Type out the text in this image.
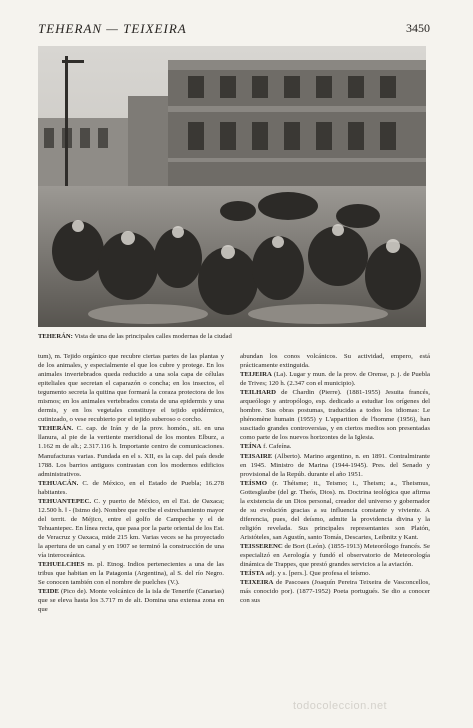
TEHERAN — TEIXEIRA	3450
TEHERÁN: Vista de una de las principales calles modernas de la ciudad

tum), m. Tejido orgánico que recubre ciertas partes de las plantas y de los animales, y especialmente el que los cubre y protege. En los animales invertebrados queda reducido a una sola capa de células epiteliales que secretan el caparazón o concha; en los insectos, el tegumento secreta la quitina que formará la coraza protectora de los mismos; en los animales vertebrados consta de una epidermis y una dermis, y en los vegetales constituye el tejido epidérmico, cutinizado, o vese recubierto por el tejido suberoso o corcho.

TEHERÁN. C. cap. de Irán y de la prov. homón., sit. en una llanura, al pie de la vertiente meridional de los montes Elburz, a 1.162 m de alt.; 2.317.116 h. Importante centro de comunicaciones. Manufacturas varias. Fundada en el s. XII, es la cap. del país desde 1788. Los barrios antiguos contrastan con los modernos edificios administrativos.

TEHUACÁN. C. de México, en el Estado de Puebla; 16.278 habitantes.

TEHUANTEPEC. C. y puerto de México, en el Est. de Oaxaca; 12.500 h. ‖ - (Istmo de). Nombre que recibe el estrechamiento mayor del territ. de Méjico, entre el golfo de Campeche y el de Tehuantepec. En línea recta, que pasa por la parte oriental de los Est. de Veracruz y Oaxaca, mide 215 km. Varias veces se ha proyectado la apertura de un canal y en 1907 se terminó la construcción de una vía interoceánica.

TEHUELCHES m. pl. Etnog. Indios pertenecientes a una de las tribus que habitan en la Patagonia (Argentina), al S. del río Negro. Se conocen también con el nombre de puelches (V.).

TEIDE (Pico de). Monte volcánico de la isla de Tenerife (Canarias) que se eleva hasta los 3.717 m de alt. Domina una extensa zona en que

abundan los conos volcánicos. Su actividad, empero, está prácticamente extinguida.

TEIJEIRA (La). Lugar y mun. de la prov. de Orense, p. j. de Puebla de Trives; 120 h. (2.347 con el municipio).

TEILHARD de Chardin (Pierre). (1881-1955) Jesuita francés, arqueólogo y antropólogo, esp. dedicado a estudiar los orígenes del hombre. Sus obras postumas, traducidas a todos los idiomas: Le phénomène humain (1955) y L'apparition de l'homme (1956), han suscitado grandes controversias, y en ciertos medios son presentadas como parte de los nuevos horizontes de la Iglesia.

TEÍNA f. Cafeína.

TEISAIRE (Alberto). Marino argentino, n. en 1891. Contralmirante en 1945. Ministro de Marina (1944-1945). Pres. del Senado y provisional de la Repúb. durante el año 1951.

TEÍSMO (r. Théisme; it., Teismo; i., Theism; a., Theismus, Gottesglaube (del gr. Theós, Dios). m. Doctrina teológica que afirma la existencia de un Dios personal, creador del universo y gobernador de su evolución gracias a su influencia constante y viviente. A diferencia, pues, del deísmo, admite la providencia divina y la religión revelada. Sus principales representantes son Platón, Aristóteles, san Agustín, santo Tomás, Descartes, Leibnitz y Kant.

TEISSERENC de Bort (León). (1855-1913) Meteorólogo francés. Se especializó en Aerología y fundó el observatorio de Meteorología dinámica de Trappes, que prestó grandes servicios a la aviación.

TEÍSTA adj. y s. [pers.]. Que profesa el teísmo.

TEIXEIRA de Pascoaes (Joaquín Pereira Teixeira de Vasconcellos, más conocido por). (1877-1952) Poeta portugués. Se dio a conocer con sus

todocoleccion.net
